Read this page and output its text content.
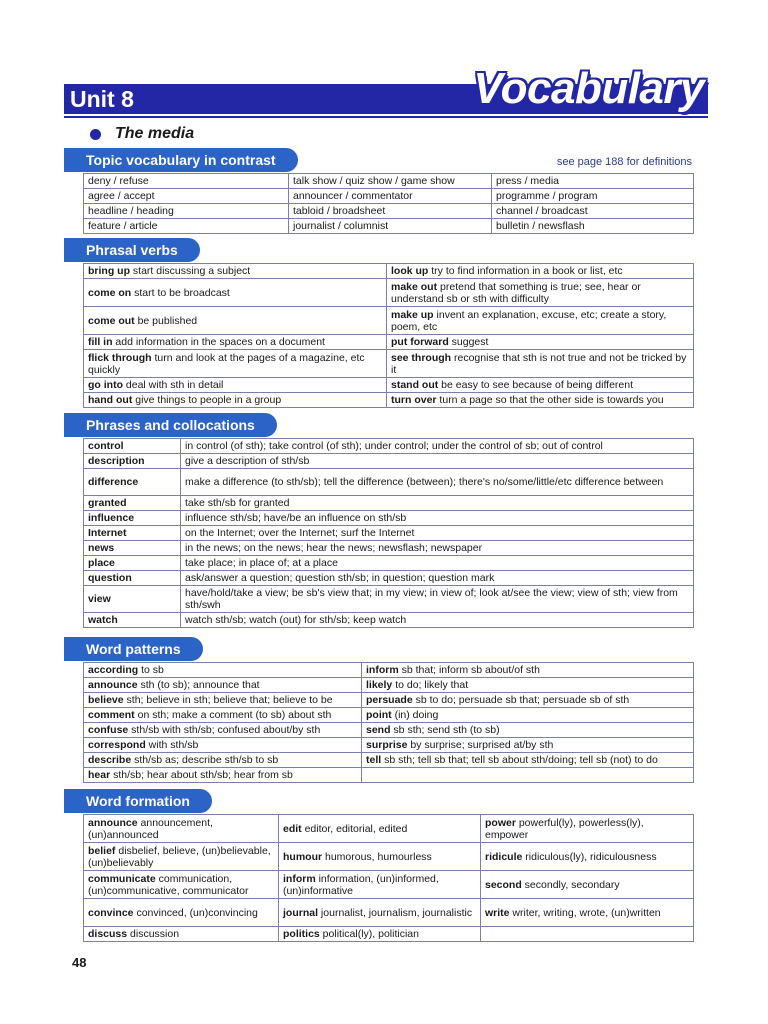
Unit 8	Vocabulary
The media
Topic vocabulary in contrast	see page 188 for definitions
deny / refuse	talk show / quiz show / game show	press / media
agree / accept	announcer / commentator	programme / program
headline / heading	tabloid / broadsheet	channel / broadcast
feature / article	journalist / columnist	bulletin / newsflash
Phrasal verbs
bring up start discussing a subject	look up try to find information in a book or list, etc
come on start to be broadcast	make out pretend that something is true; see, hear or understand sb or sth with difficulty
come out be published	make up invent an explanation, excuse, etc; create a story, poem, etc
fill in add information in the spaces on a document	put forward suggest
flick through turn and look at the pages of a magazine, etc quickly	see through recognise that sth is not true and not be tricked by it
go into deal with sth in detail	stand out be easy to see because of being different
hand out give things to people in a group	turn over turn a page so that the other side is towards you
Phrases and collocations
control	in control (of sth); take control (of sth); under control; under the control of sb; out of control
description	give a description of sth/sb
difference	make a difference (to sth/sb); tell the difference (between); there's no/some/little/etc difference between
granted	take sth/sb for granted
influence	influence sth/sb; have/be an influence on sth/sb
Internet	on the Internet; over the Internet; surf the Internet
news	in the news; on the news; hear the news; newsflash; newspaper
place	take place; in place of; at a place
question	ask/answer a question; question sth/sb; in question; question mark
view	have/hold/take a view; be sb's view that; in my view; in view of; look at/see the view; view of sth; view from sth/swh
watch	watch sth/sb; watch (out) for sth/sb; keep watch
Word patterns
according to sb	inform sb that; inform sb about/of sth
announce sth (to sb); announce that	likely to do; likely that
believe sth; believe in sth; believe that; believe to be	persuade sb to do; persuade sb that; persuade sb of sth
comment on sth; make a comment (to sb) about sth	point (in) doing
confuse sth/sb with sth/sb; confused about/by sth	send sb sth; send sth (to sb)
correspond with sth/sb	surprise by surprise; surprised at/by sth
describe sth/sb as; describe sth/sb to sb	tell sb sth; tell sb that; tell sb about sth/doing; tell sb (not) to do
hear sth/sb; hear about sth/sb; hear from sb	
Word formation
announce announcement, (un)announced	edit editor, editorial, edited	power powerful(ly), powerless(ly), empower
belief disbelief, believe, (un)believable, (un)believably	humour humorous, humourless	ridicule ridiculous(ly), ridiculousness
communicate communication, (un)communicative, communicator	inform information, (un)informed, (un)informative	second secondly, secondary
convince convinced, (un)convincing	journal journalist, journalism, journalistic	write writer, writing, wrote, (un)written
discuss discussion	politics political(ly), politician	
48
